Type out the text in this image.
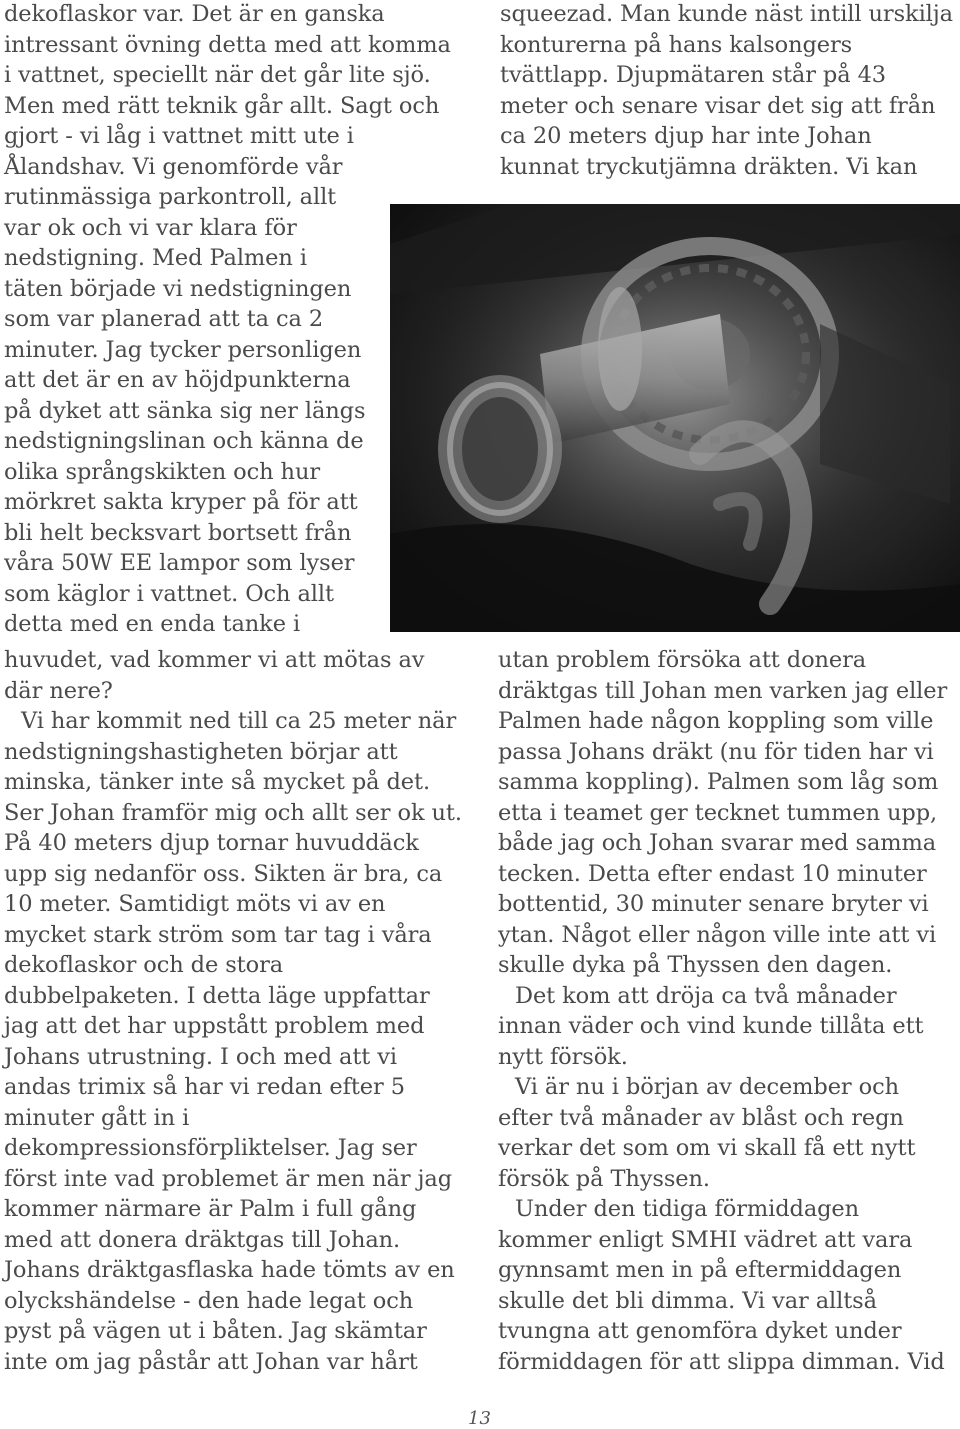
dekoflaskor var. Det är en ganska
intressant övning detta med att komma
i vattnet, speciellt när det går lite sjö.
Men med rätt teknik går allt. Sagt och
gjort - vi låg i vattnet mitt ute i
Ålandshav. Vi genomförde vår
rutinmässiga parkontroll, allt
var ok och vi var klara för
nedstigning. Med Palmen i
täten började vi nedstigningen
som var planerad att ta ca 2
minuter. Jag tycker personligen
att det är en av höjdpunkterna
på dyket att sänka sig ner längs
nedstigningslinan och känna de
olika språngskikten och hur
mörkret sakta kryper på för att
bli helt becksvart bortsett från
våra 50W EE lampor som lyser
som käglor i vattnet. Och allt
detta med en enda tanke i
huvudet, vad kommer vi att mötas av
där nere?
Vi har kommit ned till ca 25 meter när
nedstigningshastigheten börjar att
minska, tänker inte så mycket på det.
Ser Johan framför mig och allt ser ok ut.
På 40 meters djup tornar huvuddäck
upp sig nedanför oss. Sikten är bra, ca
10 meter. Samtidigt möts vi av en
mycket stark ström som tar tag i våra
dekoflaskor och de stora
dubbelpaketen. I detta läge uppfattar
jag att det har uppstått problem med
Johans utrustning. I och med att vi
andas trimix så har vi redan efter 5
minuter gått in i
dekompressionsförpliktelser. Jag ser
först inte vad problemet är men när jag
kommer närmare är Palm i full gång
med att donera dräktgas till Johan.
Johans dräktgasflaska hade tömts av en
olyckshändelse - den hade legat och
pyst på vägen ut i båten. Jag skämtar
inte om jag påstår att Johan var hårt
squeezad. Man kunde näst intill urskilja
konturerna på hans kalsongers
tvättlapp. Djupmätaren står på 43
meter och senare visar det sig att från
ca 20 meters djup har inte Johan
kunnat tryckutjämna dräkten. Vi kan
utan problem försöka att donera
dräktgas till Johan men varken jag eller
Palmen hade någon koppling som ville
passa Johans dräkt (nu för tiden har vi
samma koppling). Palmen som låg som
etta i teamet ger tecknet tummen upp,
både jag och Johan svarar med samma
tecken. Detta efter endast 10 minuter
bottentid, 30 minuter senare bryter vi
ytan. Något eller någon ville inte att vi
skulle dyka på Thyssen den dagen.
Det kom att dröja ca två månader
innan väder och vind kunde tillåta ett
nytt försök.
Vi är nu i början av december och
efter två månader av blåst och regn
verkar det som om vi skall få ett nytt
försök på Thyssen.
Under den tidiga förmiddagen
kommer enligt SMHI vädret att vara
gynnsamt men in på eftermiddagen
skulle det bli dimma. Vi var alltså
tvungna att genomföra dyket under
förmiddagen för att slippa dimman. Vid
13
